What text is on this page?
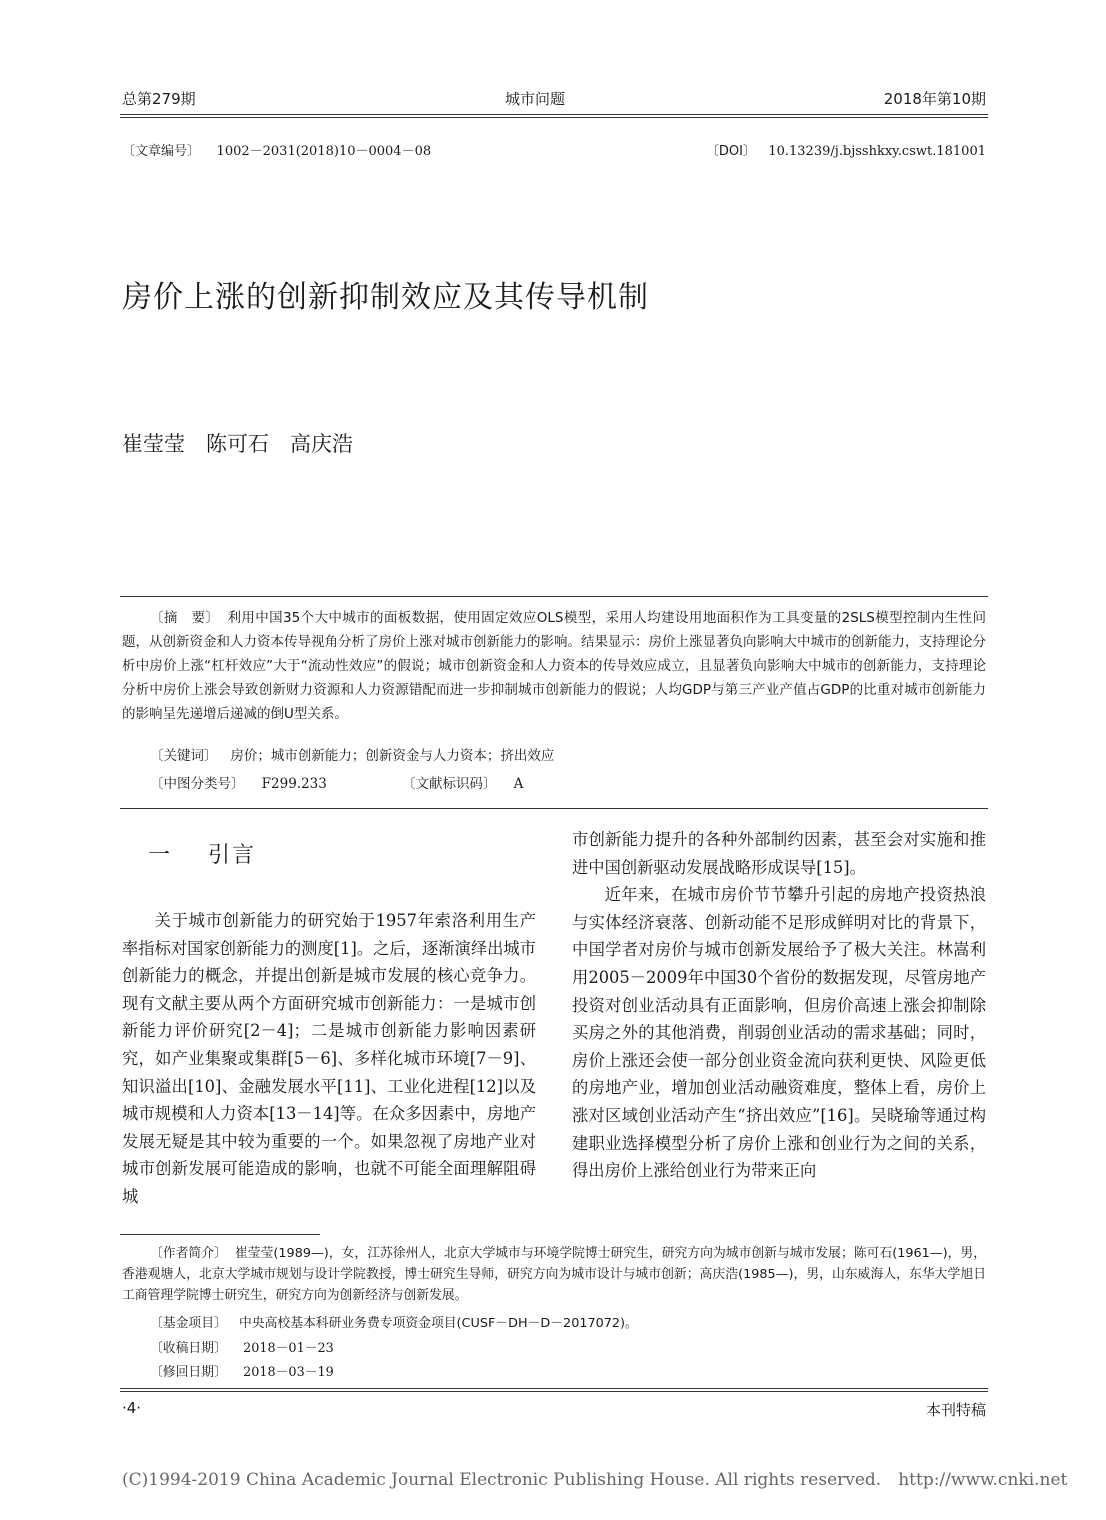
总第279期	城市问题	2018年第10期
〔文章编号〕 1002－2031(2018)10－0004－08	〔DOI〕 10.13239/j.bjsshkxy.cswt.181001
房价上涨的创新抑制效应及其传导机制
崔莹莹　陈可石　高庆浩
〔摘　要〕 利用中国35个大中城市的面板数据，使用固定效应OLS模型，采用人均建设用地面积作为工具变量的2SLS模型控制内生性问题，从创新资金和人力资本传导视角分析了房价上涨对城市创新能力的影响。结果显示：房价上涨显著负向影响大中城市的创新能力，支持理论分析中房价上涨“杠杆效应”大于“流动性效应”的假说；城市创新资金和人力资本的传导效应成立，且显著负向影响大中城市的创新能力，支持理论分析中房价上涨会导致创新财力资源和人力资源错配而进一步抑制城市创新能力的假说；人均GDP与第三产业产值占GDP的比重对城市创新能力的影响呈先递增后递减的倒U型关系。
〔关键词〕 房价；城市创新能力；创新资金与人力资本；挤出效应
〔中图分类号〕 F299.233	〔文献标识码〕 A
一 引言

关于城市创新能力的研究始于1957年索洛利用生产率指标对国家创新能力的测度[1]。之后，逐渐演绎出城市创新能力的概念，并提出创新是城市发展的核心竞争力。现有文献主要从两个方面研究城市创新能力：一是城市创新能力评价研究[2－4]；二是城市创新能力影响因素研究，如产业集聚或集群[5－6]、多样化城市环境[7－9]、知识溢出[10]、金融发展水平[11]、工业化进程[12]以及城市规模和人力资本[13－14]等。在众多因素中，房地产发展无疑是其中较为重要的一个。如果忽视了房地产业对城市创新发展可能造成的影响，也就不可能全面理解阻碍城

市创新能力提升的各种外部制约因素，甚至会对实施和推进中国创新驱动发展战略形成误导[15]。

近年来，在城市房价节节攀升引起的房地产投资热浪与实体经济衰落、创新动能不足形成鲜明对比的背景下，中国学者对房价与城市创新发展给予了极大关注。林嵩利用2005－2009年中国30个省份的数据发现，尽管房地产投资对创业活动具有正面影响，但房价高速上涨会抑制除买房之外的其他消费，削弱创业活动的需求基础；同时，房价上涨还会使一部分创业资金流向获利更快、风险更低的房地产业，增加创业活动融资难度，整体上看，房价上涨对区域创业活动产生“挤出效应”[16]。吴晓瑜等通过构建职业选择模型分析了房价上涨和创业行为之间的关系，得出房价上涨给创业行为带来正向

〔作者简介〕 崔莹莹(1989—)，女，江苏徐州人，北京大学城市与环境学院博士研究生，研究方向为城市创新与城市发展；陈可石(1961—)，男，香港观塘人，北京大学城市规划与设计学院教授，博士研究生导师，研究方向为城市设计与城市创新；高庆浩(1985—)，男，山东威海人，东华大学旭日工商管理学院博士研究生，研究方向为创新经济与创新发展。
〔基金项目〕 中央高校基本科研业务费专项资金项目(CUSF－DH－D－2017072)。
〔收稿日期〕 2018－01－23
〔修回日期〕 2018－03－19
·4·	本刊特稿
(C)1994-2019 China Academic Journal Electronic Publishing House. All rights reserved.　http://www.cnki.net
